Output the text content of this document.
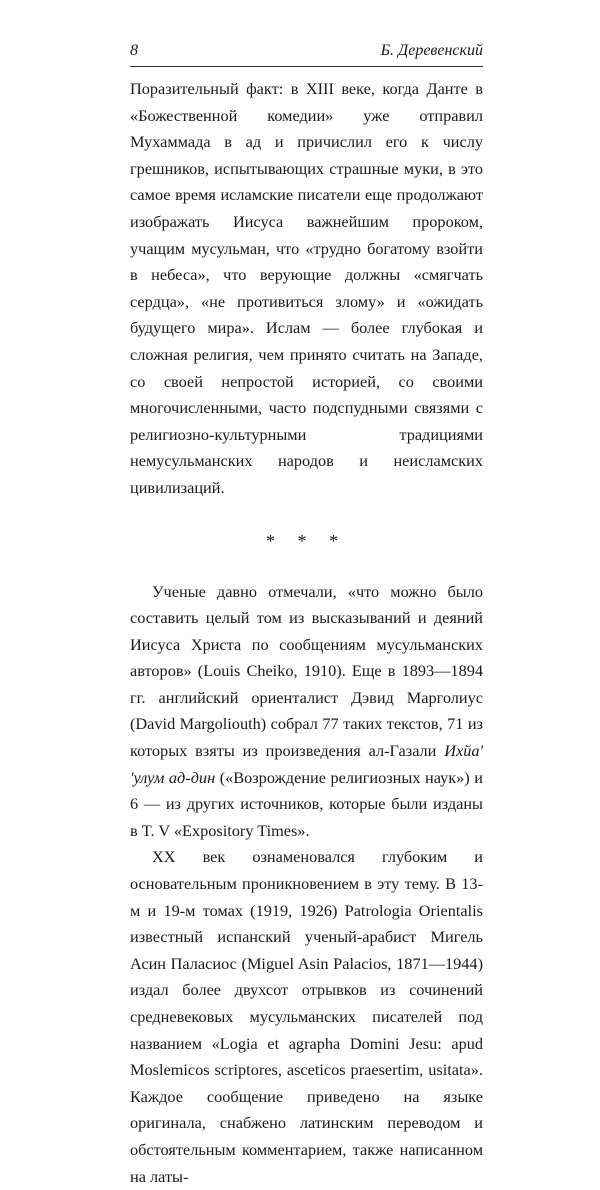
8	Б. Деревенский

Поразительный факт: в XIII веке, когда Данте в «Божественной комедии» уже отправил Мухаммада в ад и причислил его к числу грешников, испытывающих страшные муки, в это самое время исламские писатели еще продолжают изображать Иисуса важнейшим пророком, учащим мусульман, что «трудно богатому взойти в небеса», что верующие должны «смягчать сердца», «не противиться злому» и «ожидать будущего мира». Ислам — более глубокая и сложная религия, чем принято считать на Западе, со своей непростой историей, со своими многочисленными, часто подспудными связями с религиозно-культурными традициями немусульманских народов и неисламских цивилизаций.

* * *

Ученые давно отмечали, «что можно было составить целый том из высказываний и деяний Иисуса Христа по сообщениям мусульманских авторов» (Louis Cheiko, 1910). Еще в 1893—1894 гг. английский ориенталист Дэвид Марголиус (David Margoliouth) собрал 77 таких текстов, 71 из которых взяты из произведения ал-Газали Ихйа' 'улум ад-дин («Возрождение религиозных наук») и 6 — из других источников, которые были изданы в T. V «Expository Times».

XX век ознаменовался глубоким и основательным проникновением в эту тему. В 13-м и 19-м томах (1919, 1926) Patrologia Orientalis известный испанский ученый-арабист Мигель Асин Паласиос (Miguel Asin Palacios, 1871—1944) издал более двухсот отрывков из сочинений средневековых мусульманских писателей под названием «Logia et agrapha Domini Jesu: apud Moslemicos scriptores, asceticos praesertim, usitata». Каждое сообщение приведено на языке оригинала, снабжено латинским переводом и обстоятельным комментарием, также написанном на латы-
